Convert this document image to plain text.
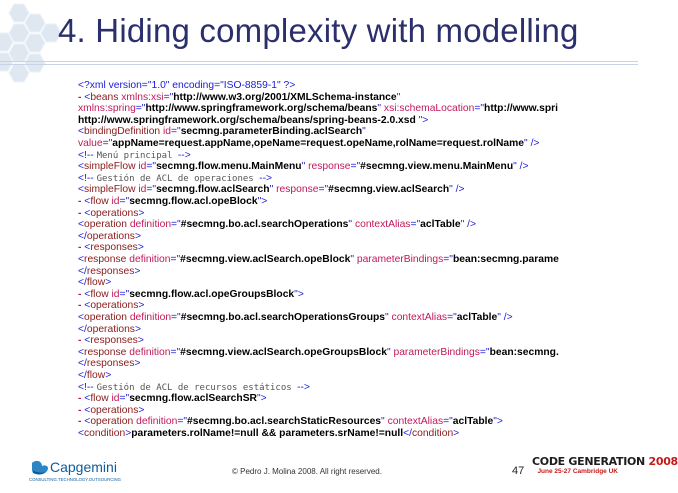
4. Hiding complexity with modelling
<?xml version="1.0" encoding="ISO-8859-1" ?>
- <beans xmlns:xsi="http://www.w3.org/2001/XMLSchema-instance"
xmlns:spring="http://www.springframework.org/schema/beans" xsi:schemaLocation="http://www.spri
http://www.springframework.org/schema/beans/spring-beans-2.0.xsd ">
<bindingDefinition id="secmng.parameterBinding.aclSearch"
value="appName=request.appName,opeName=request.opeName,rolName=request.rolName" />
<!-- Menú principal -->
<simpleFlow id="secmng.flow.menu.MainMenu" response="#secmng.view.menu.MainMenu" />
<!-- Gestión de ACL de operaciones -->
<simpleFlow id="secmng.flow.aclSearch" response="#secmng.view.aclSearch" />
- <flow id="secmng.flow.acl.opeBlock">
- <operations>
<operation definition="#secmng.bo.acl.searchOperations" contextAlias="aclTable" />
</operations>
- <responses>
<response definition="#secmng.view.aclSearch.opeBlock" parameterBindings="bean:secmng.parame
</responses>
</flow>
- <flow id="secmng.flow.acl.opeGroupsBlock">
- <operations>
<operation definition="#secmng.bo.acl.searchOperationsGroups" contextAlias="aclTable" />
</operations>
- <responses>
<response definition="#secmng.view.aclSearch.opeGroupsBlock" parameterBindings="bean:secmng.
</responses>
</flow>
<!-- Gestión de ACL de recursos estáticos -->
- <flow id="secmng.flow.aclSearchSR">
- <operations>
- <operation definition="#secmng.bo.acl.searchStaticResources" contextAlias="aclTable">
<condition>parameters.rolName!=null && parameters.srName!=null</condition>
Capgemini
CONSULTING.TECHNOLOGY.OUTSOURCING
© Pedro J. Molina 2008. All right reserved.	47
CODE GENERATION 2008
June 25-27 Cambridge UK
